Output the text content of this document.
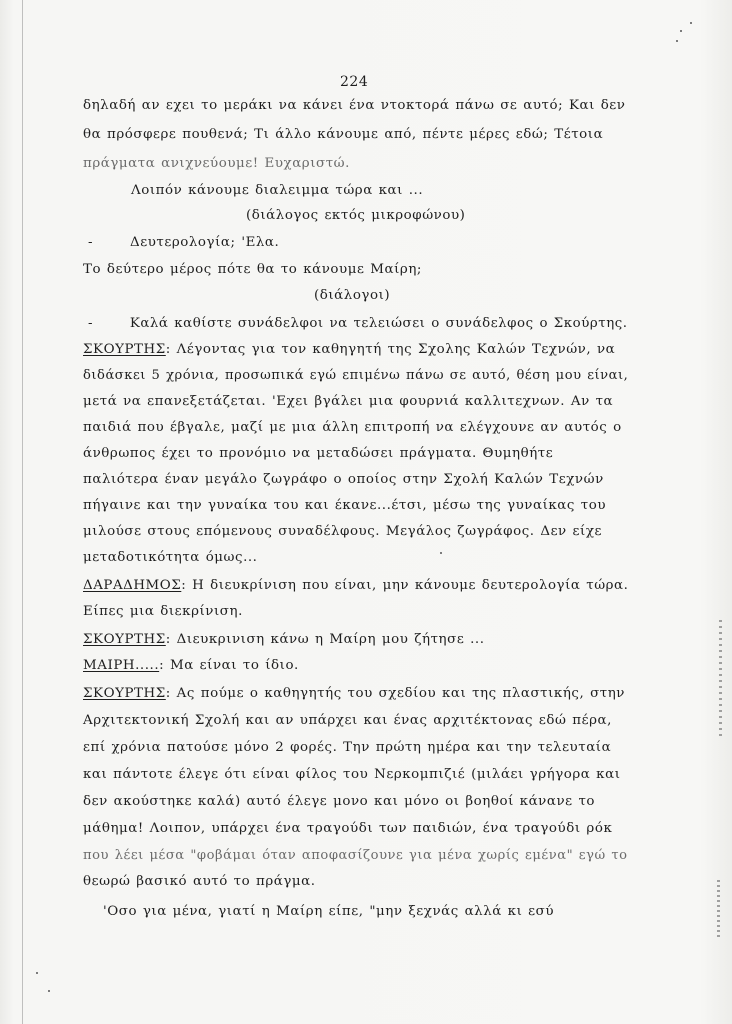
224
δηλαδή αν εχει το μεράκι να κάνει ένα ντοκτορά πάνω σε αυτό; Και δεν
θα πρόσφερε πουθενά; Τι άλλο κάνουμε από, πέντε μέρες εδώ; Τέτοια
πράγματα ανιχνεύουμε! Ευχαριστώ.
Λοιπόν κάνουμε διαλειμμα τώρα και ...
(διάλογος εκτός μικροφώνου)
-	Δευτερολογία; 'Ελα.
Το δεύτερο μέρος πότε θα το κάνουμε Μαίρη;
(διάλογοι)
-	Καλά καθίστε συνάδελφοι να τελειώσει ο συνάδελφος ο Σκούρτης.
ΣΚΟΥΡΤΗΣ: Λέγοντας για τον καθηγητή της Σχολης Καλών Τεχνών, να
διδάσκει 5 χρόνια, προσωπικά εγώ επιμένω πάνω σε αυτό, θέση μου είναι,
μετά να επανεξετάζεται. 'Εχει βγάλει μια φουρνιά καλλιτεχνων. Αν τα
παιδιά που έβγαλε, μαζί με μια άλλη επιτροπή να ελέγχουνε αν αυτός ο
άνθρωπος έχει το προνόμιο να μεταδώσει πράγματα. Θυμηθήτε
παλιότερα έναν μεγάλο ζωγράφο ο οποίος στην Σχολή Καλών Τεχνών
πήγαινε και την γυναίκα του και έκανε...έτσι, μέσω της γυναίκας του
μιλούσε στους επόμενους συναδέλφους. Μεγάλος ζωγράφος. Δεν είχε
μεταδοτικότητα όμως...
ΔΑΡΑΔΗΜΟΣ: Η διευκρίνιση που είναι, μην κάνουμε δευτερολογία τώρα.
Είπες μια διεκρίνιση.
ΣΚΟΥΡΤΗΣ: Διευκρινιση κάνω η Μαίρη μου ζήτησε ...
ΜΑΙΡΗ.....: Μα είναι το ίδιο.
ΣΚΟΥΡΤΗΣ: Ας πούμε ο καθηγητής του σχεδίου και της πλαστικής, στην
Αρχιτεκτονική Σχολή και αν υπάρχει και ένας αρχιτέκτονας εδώ πέρα,
επί χρόνια πατούσε μόνο 2 φορές. Την πρώτη ημέρα και την τελευταία
και πάντοτε έλεγε ότι είναι φίλος του Νερκομπιζιέ (μιλάει γρήγορα και
δεν ακούστηκε καλά) αυτό έλεγε μονο και μόνο οι βοηθοί κάνανε το
μάθημα! Λοιπον, υπάρχει ένα τραγούδι των παιδιών, ένα τραγούδι ρόκ
που λέει μέσα "φοβάμαι όταν αποφασίζουνε για μένα χωρίς εμένα" εγώ το
θεωρώ βασικό αυτό το πράγμα.
'Οσο για μένα, γιατί η Μαίρη είπε, "μην ξεχνάς αλλά κι εσύ
